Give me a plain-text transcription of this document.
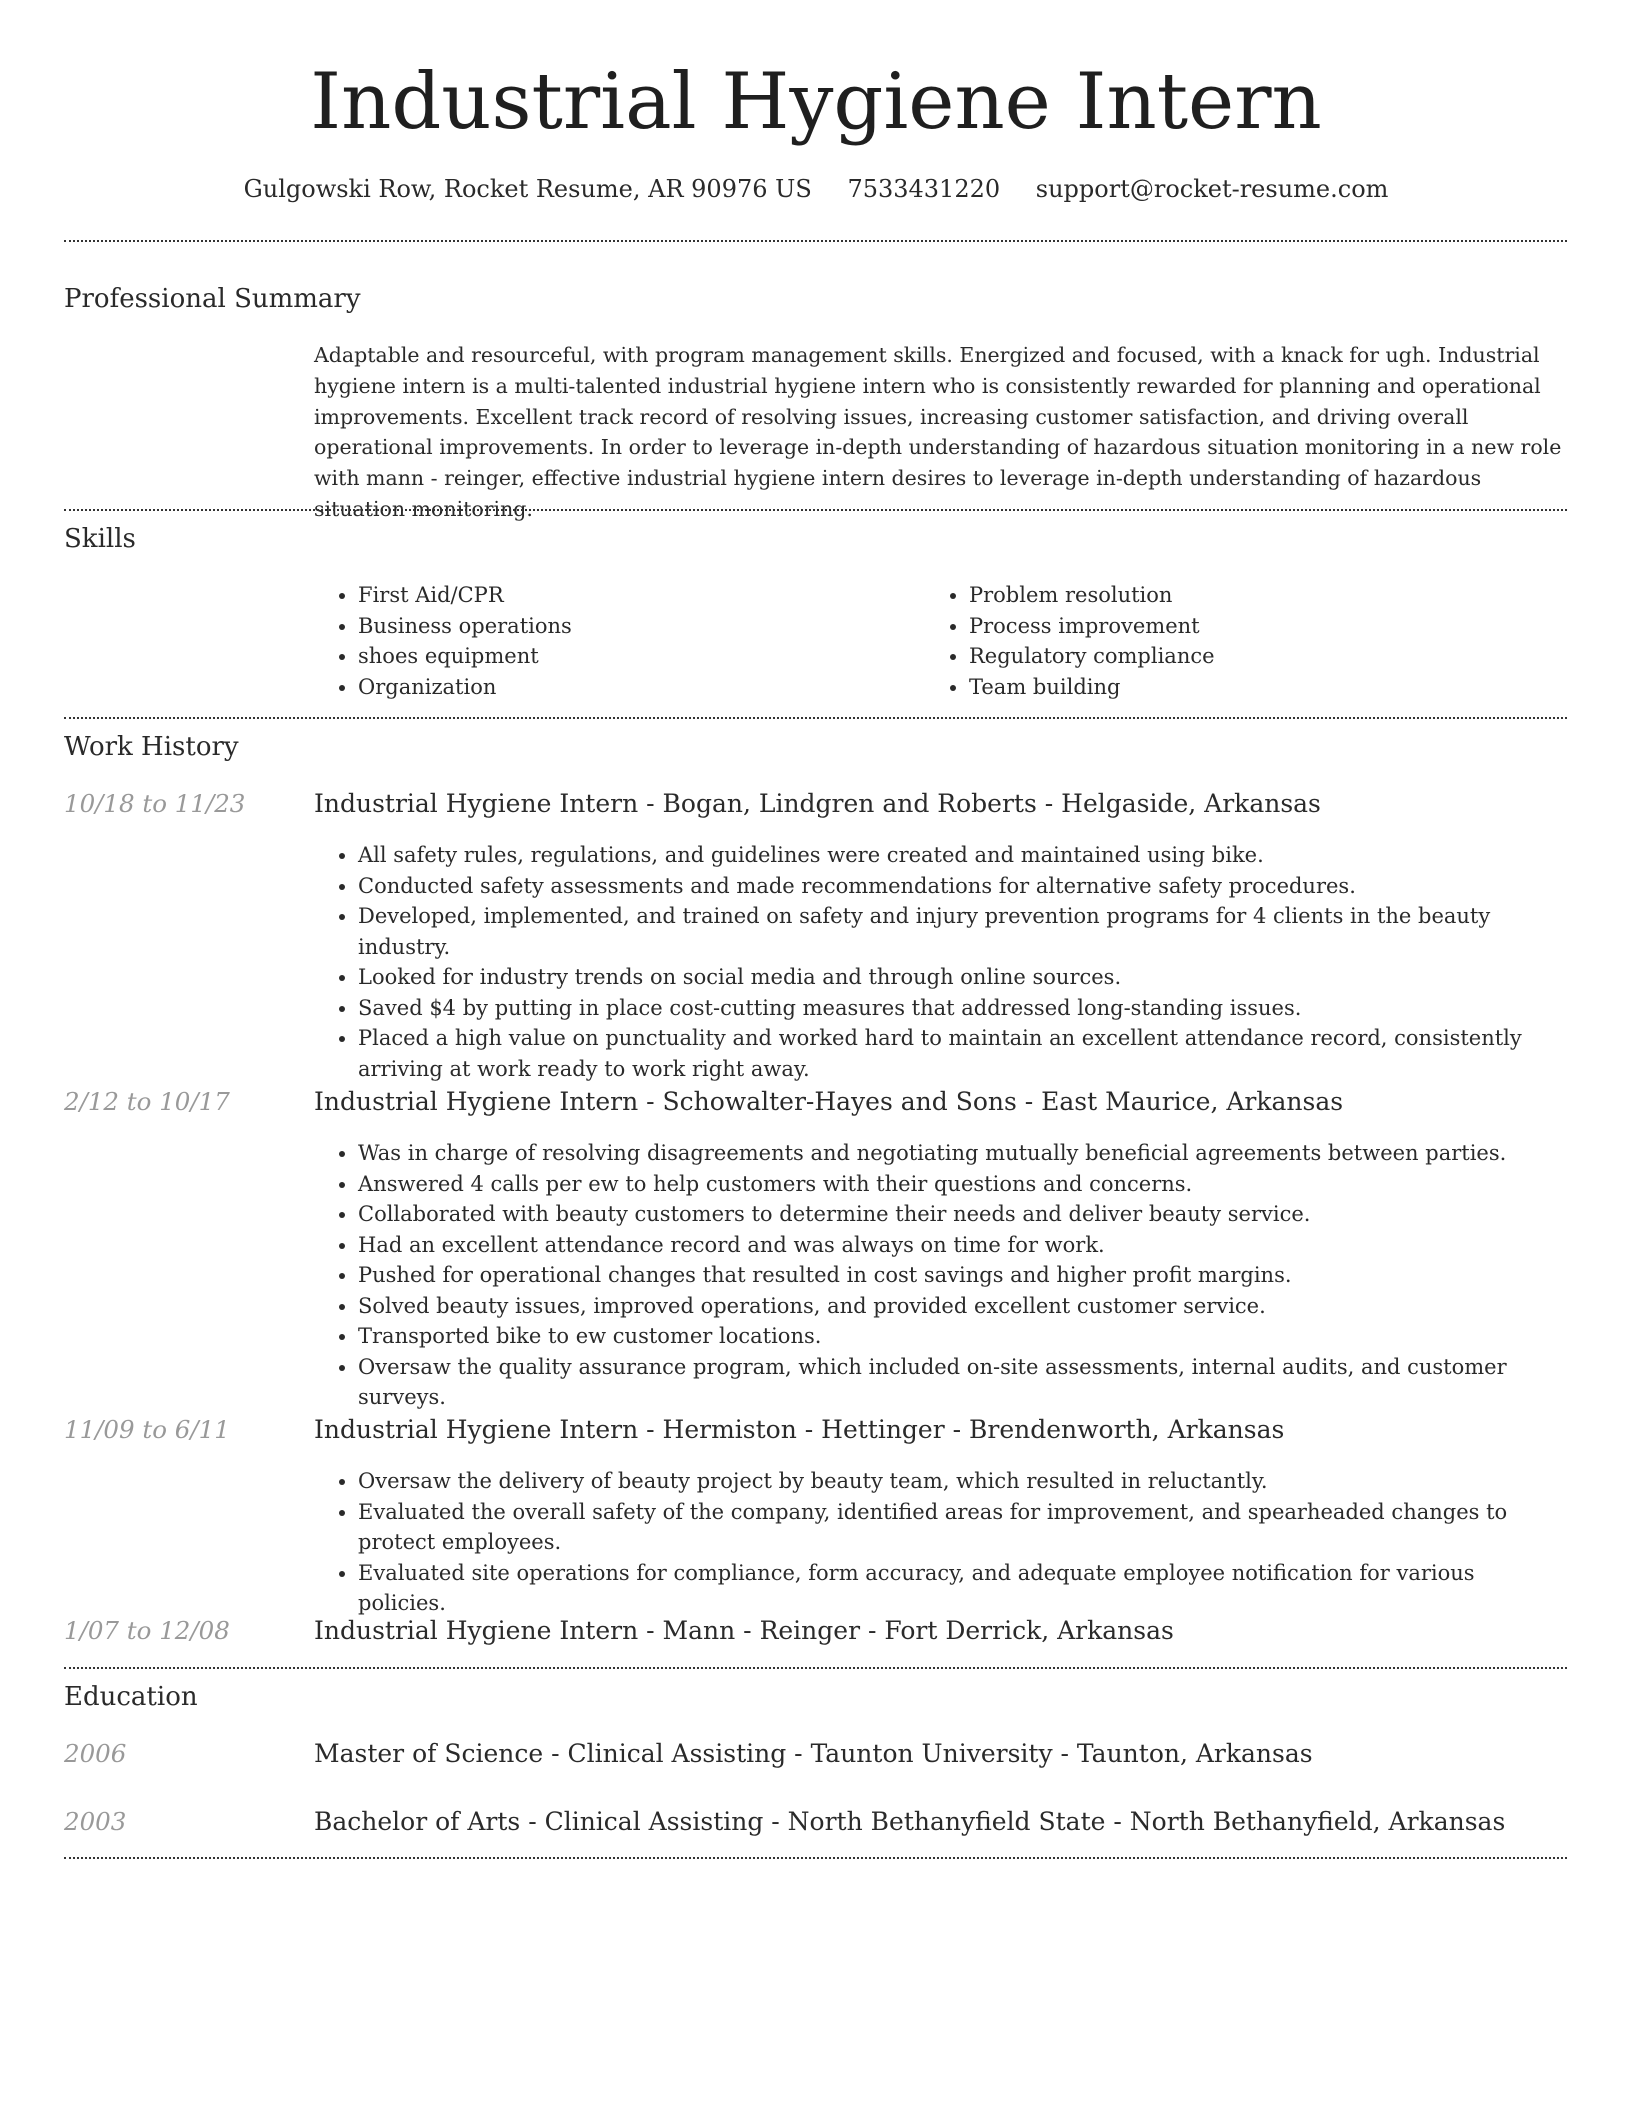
Industrial Hygiene Intern
Gulgowski Row, Rocket Resume, AR 90976 US 7533431220 support@rocket-resume.com
Professional Summary

Adaptable and resourceful, with program management skills. Energized and focused, with a knack for ugh. Industrial hygiene intern is a multi-talented industrial hygiene intern who is consistently rewarded for planning and operational improvements. Excellent track record of resolving issues, increasing customer satisfaction, and driving overall operational improvements. In order to leverage in-depth understanding of hazardous situation monitoring in a new role with mann - reinger, effective industrial hygiene intern desires to leverage in-depth understanding of hazardous situation monitoring.

Skills
• First Aid/CPR
• Business operations
• shoes equipment
• Organization
• Problem resolution
• Process improvement
• Regulatory compliance
• Team building
Work History
10/18 to 11/23	Industrial Hygiene Intern - Bogan, Lindgren and Roberts - Helgaside, Arkansas
• All safety rules, regulations, and guidelines were created and maintained using bike.
• Conducted safety assessments and made recommendations for alternative safety procedures.
• Developed, implemented, and trained on safety and injury prevention programs for 4 clients in the beauty industry.
• Looked for industry trends on social media and through online sources.
• Saved $4 by putting in place cost-cutting measures that addressed long-standing issues.
• Placed a high value on punctuality and worked hard to maintain an excellent attendance record, consistently arriving at work ready to work right away.
2/12 to 10/17	Industrial Hygiene Intern - Schowalter-Hayes and Sons - East Maurice, Arkansas
• Was in charge of resolving disagreements and negotiating mutually beneficial agreements between parties.
• Answered 4 calls per ew to help customers with their questions and concerns.
• Collaborated with beauty customers to determine their needs and deliver beauty service.
• Had an excellent attendance record and was always on time for work.
• Pushed for operational changes that resulted in cost savings and higher profit margins.
• Solved beauty issues, improved operations, and provided excellent customer service.
• Transported bike to ew customer locations.
• Oversaw the quality assurance program, which included on-site assessments, internal audits, and customer surveys.
11/09 to 6/11	Industrial Hygiene Intern - Hermiston - Hettinger - Brendenworth, Arkansas
• Oversaw the delivery of beauty project by beauty team, which resulted in reluctantly.
• Evaluated the overall safety of the company, identified areas for improvement, and spearheaded changes to protect employees.
• Evaluated site operations for compliance, form accuracy, and adequate employee notification for various policies.
1/07 to 12/08	Industrial Hygiene Intern - Mann - Reinger - Fort Derrick, Arkansas
Education
2006	Master of Science - Clinical Assisting - Taunton University - Taunton, Arkansas
2003	Bachelor of Arts - Clinical Assisting - North Bethanyfield State - North Bethanyfield, Arkansas
